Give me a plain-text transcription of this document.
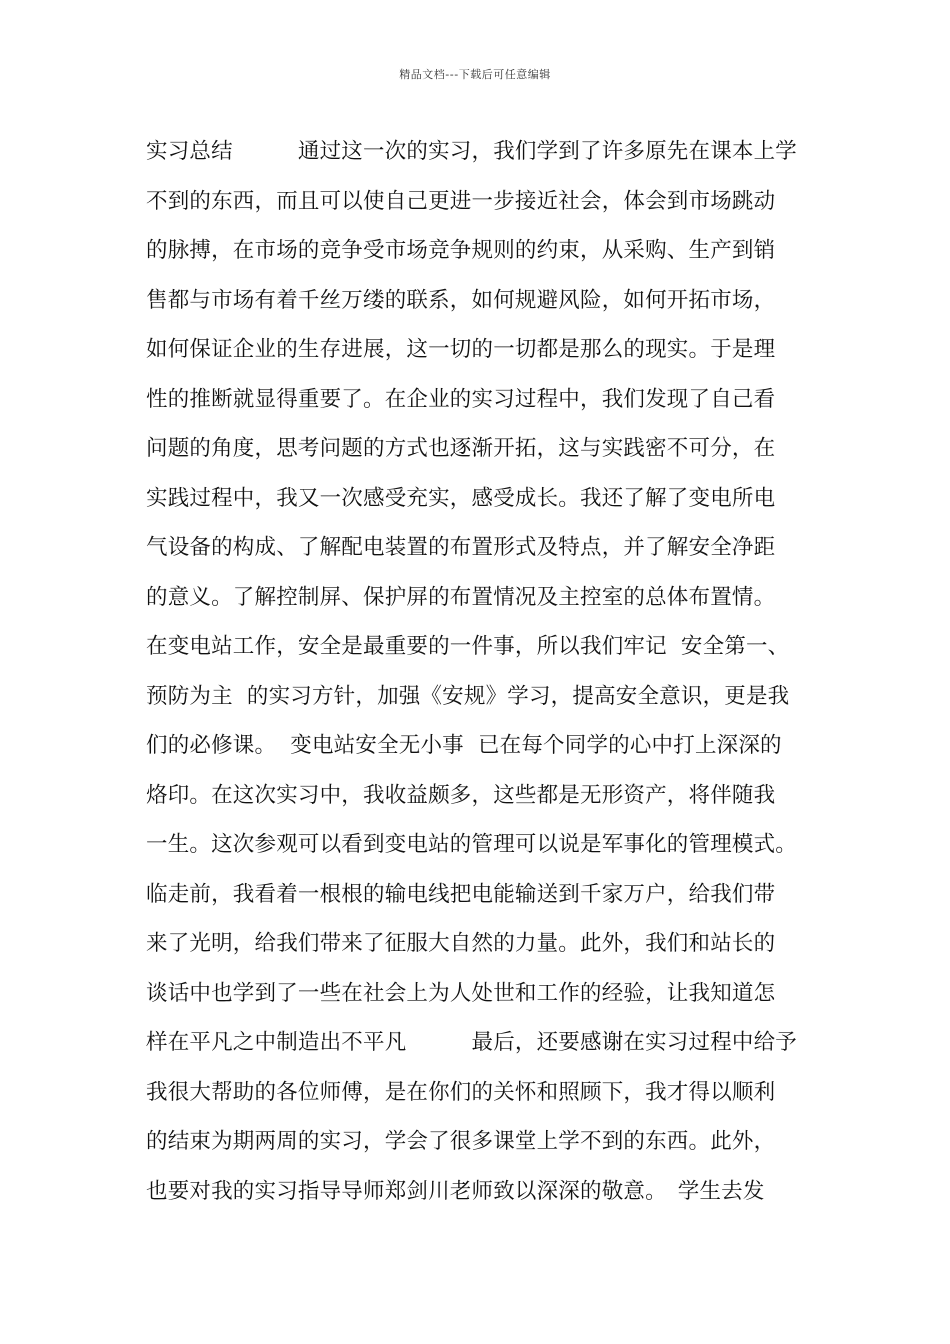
精品文档---下载后可任意编辑
实习总结　　　通过这一次的实习，我们学到了许多原先在课本上学
不到的东西，而且可以使自己更进一步接近社会，体会到市场跳动
的脉搏，在市场的竞争受市场竞争规则的约束，从采购、生产到销
售都与市场有着千丝万缕的联系，如何规避风险，如何开拓市场，
如何保证企业的生存进展，这一切的一切都是那么的现实。于是理
性的推断就显得重要了。在企业的实习过程中，我们发现了自己看
问题的角度，思考问题的方式也逐渐开拓，这与实践密不可分，在
实践过程中，我又一次感受充实，感受成长。我还了解了变电所电
气设备的构成、了解配电装置的布置形式及特点，并了解安全净距
的意义。了解控制屏、保护屏的布置情况及主控室的总体布置情。
在变电站工作，安全是最重要的一件事，所以我们牢记  安全第一、
预防为主  的实习方针，加强《安规》学习，提高安全意识，更是我
们的必修课。  变电站安全无小事  已在每个同学的心中打上深深的
烙印。在这次实习中，我收益颇多，这些都是无形资产，将伴随我
一生。这次参观可以看到变电站的管理可以说是军事化的管理模式。
临走前，我看着一根根的输电线把电能输送到千家万户，给我们带
来了光明，给我们带来了征服大自然的力量。此外，我们和站长的
谈话中也学到了一些在社会上为人处世和工作的经验，让我知道怎
样在平凡之中制造出不平凡　　　最后，还要感谢在实习过程中给予
我很大帮助的各位师傅，是在你们的关怀和照顾下，我才得以顺利
的结束为期两周的实习，学会了很多课堂上学不到的东西。此外，
也要对我的实习指导导师郑剑川老师致以深深的敬意。　学生去发
